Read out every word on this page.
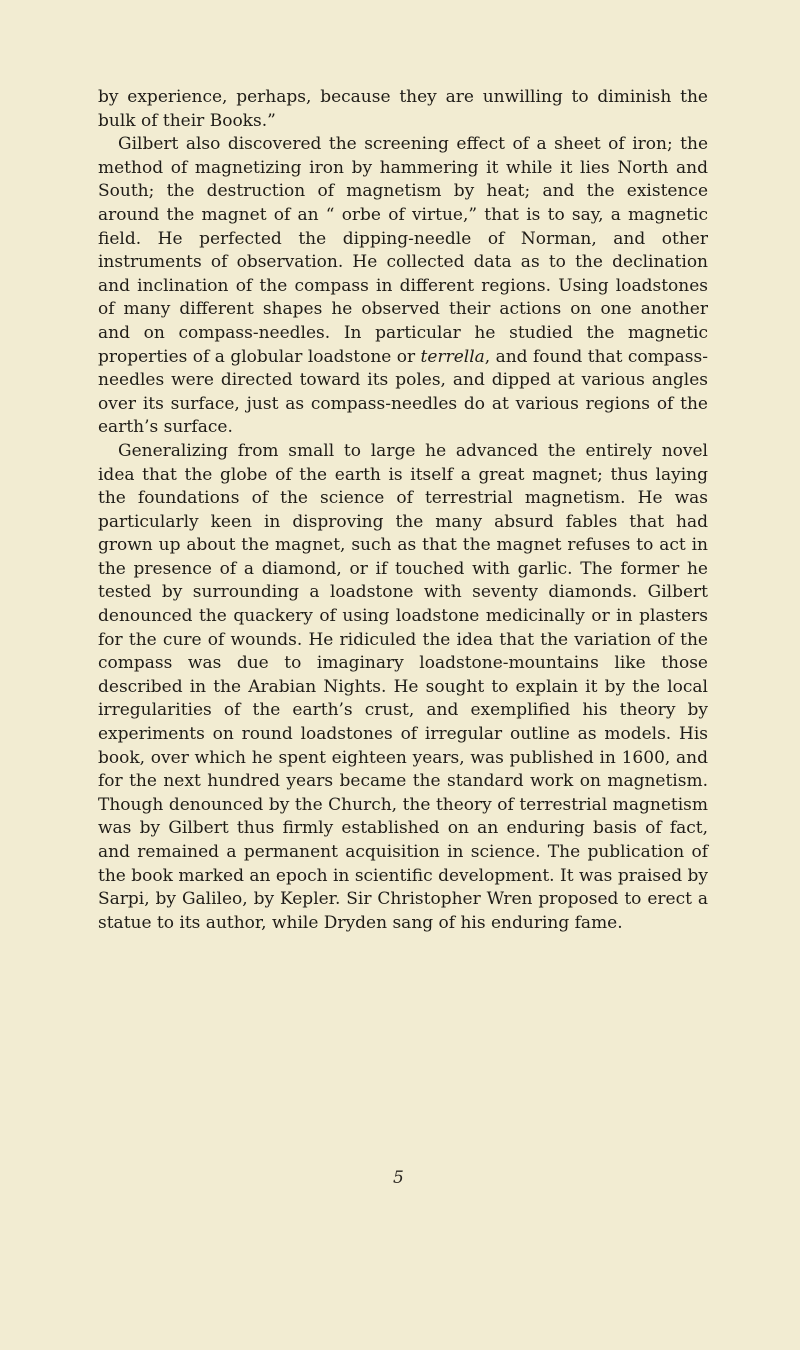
by experience, perhaps, because they are unwilling to diminish the bulk of their Books.”

Gilbert also discovered the screening effect of a sheet of iron; the method of magnetizing iron by hammering it while it lies North and South; the destruction of magnetism by heat; and the existence around the magnet of an “ orbe of virtue,” that is to say, a magnetic field. He perfected the dipping-needle of Norman, and other instruments of observation. He collected data as to the declination and inclination of the compass in different regions. Using loadstones of many different shapes he observed their actions on one another and on compass-needles. In particular he studied the magnetic properties of a globular loadstone or terrella, and found that compass-needles were directed toward its poles, and dipped at various angles over its surface, just as compass-needles do at various regions of the earth’s surface.

Generalizing from small to large he advanced the entirely novel idea that the globe of the earth is itself a great magnet; thus laying the foundations of the science of terrestrial magnetism. He was particularly keen in disproving the many absurd fables that had grown up about the magnet, such as that the magnet refuses to act in the presence of a diamond, or if touched with garlic. The former he tested by surrounding a loadstone with seventy diamonds. Gilbert denounced the quackery of using loadstone medicinally or in plasters for the cure of wounds. He ridiculed the idea that the variation of the compass was due to imaginary loadstone-mountains like those described in the Arabian Nights. He sought to explain it by the local irregularities of the earth’s crust, and exemplified his theory by experiments on round loadstones of irregular outline as models. His book, over which he spent eighteen years, was published in 1600, and for the next hundred years became the standard work on magnetism. Though denounced by the Church, the theory of terrestrial magnetism was by Gilbert thus firmly established on an enduring basis of fact, and remained a permanent acquisition in science. The publication of the book marked an epoch in scientific development. It was praised by Sarpi, by Galileo, by Kepler. Sir Christopher Wren proposed to erect a statue to its author, while Dryden sang of his enduring fame.

5
